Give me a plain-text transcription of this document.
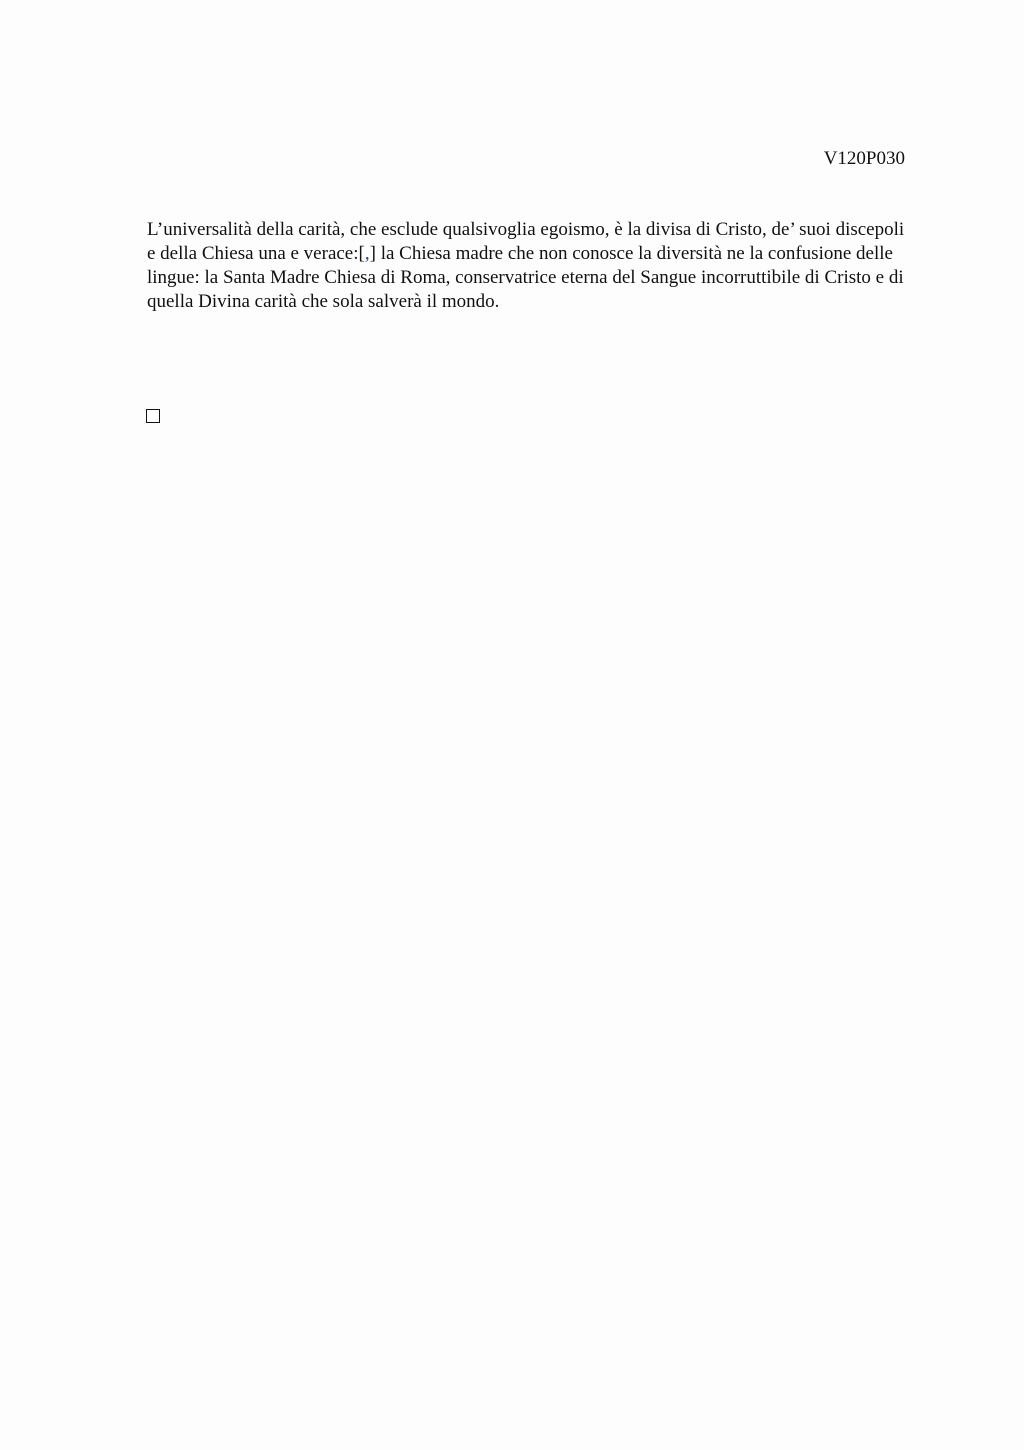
V120P030

L’universalità della carità, che esclude qualsivoglia egoismo, è la divisa di Cristo, de’ suoi discepoli e della Chiesa una e verace:[,] la Chiesa madre che non conosce la diversità ne la confusione delle lingue: la Santa Madre Chiesa di Roma, conservatrice eterna del Sangue incorruttibile di Cristo e di quella Divina carità che sola salverà il mondo.
